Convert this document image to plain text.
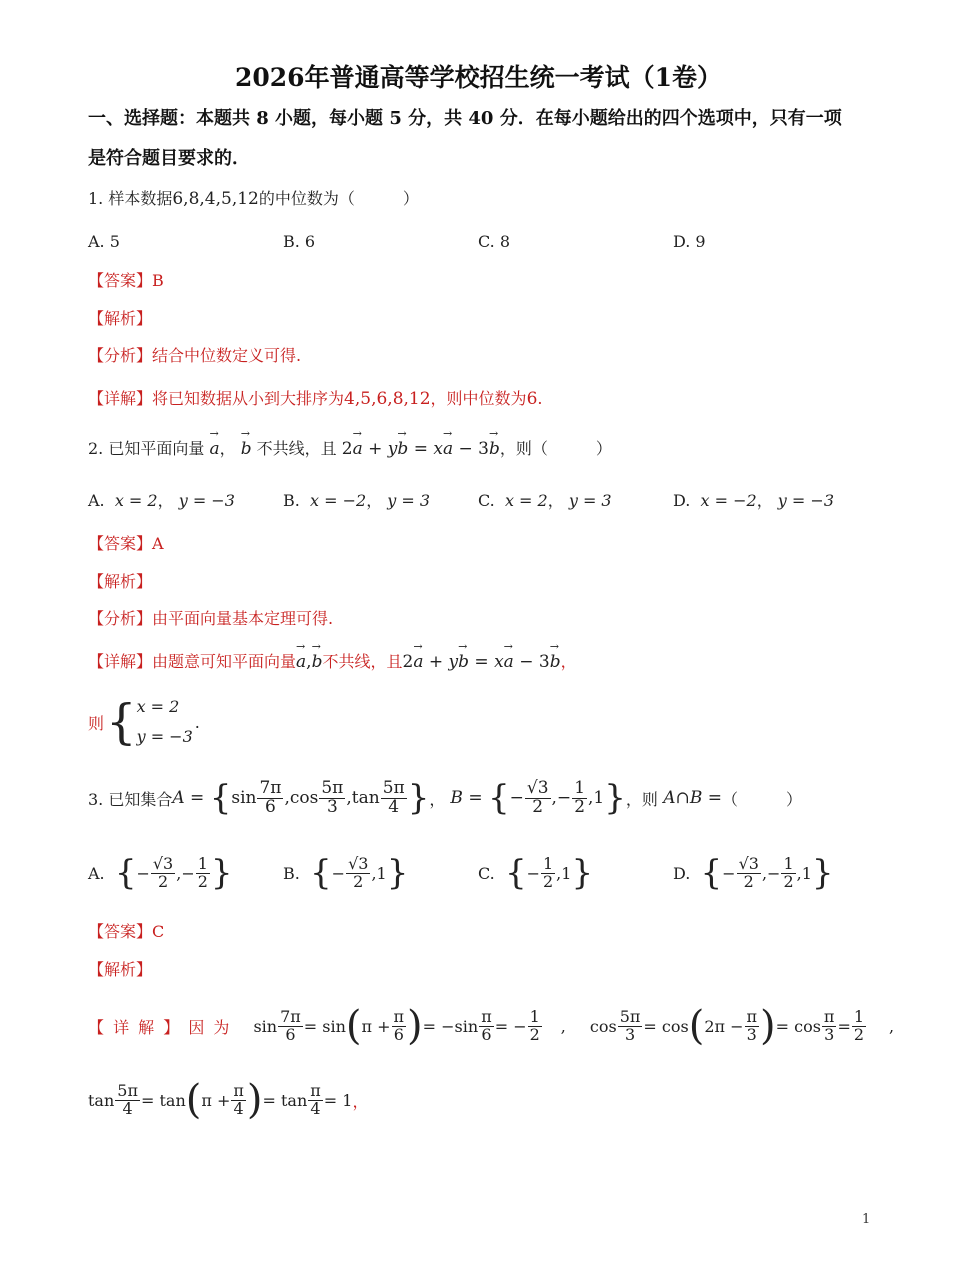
2026年普通高等学校招生统一考试（1卷）
一、选择题：本题共 8 小题，每小题 5 分，共 40 分．在每小题给出的四个选项中，只有一项
是符合题目要求的．
1. 样本数据6,8,4,5,12的中位数为（　　　）
A. 5	B. 6	C. 8	D. 9
【答案】B
【解析】
【分析】结合中位数定义可得.
【详解】将已知数据从小到大排序为4,5,6,8,12，则中位数为6.
2. 已知平面向量 → a， → b 不共线，且 2→ a + y→ b = x→ a − 3→ b，则（　　　）
A. x = 2， y = −3	B. x = −2， y = 3	C. x = 2， y = 3	D. x = −2， y = −3
【答案】A
【解析】
【分析】由平面向量基本定理可得.
【详解】由题意可知平面向量→ a,→ b不共线，且2→ a + y→ b = x→ a − 3→ b，
则 { x = 2
y = −3
.
3. 已知集合 A = { $\sin \frac{7\pi}{6} ,\cos \frac{5\pi}{3} ,\tan \frac{5\pi}{4}$ } ， B = { − $\frac{√3}{2}$ ,− $\frac{1}{2} ,1$ } ，则 A∩B = （　　　）
A. { − $\frac{√3}{2}$ ,− $\frac{1}{2}$ }	B. { − $\frac{√3}{2} ,1$ }	C. { − $\frac{1}{2} ,1$ }	D. { − $\frac{√3}{2}$ ,− $\frac{1}{2} ,1$ }
【答案】C
【解析】
【 详 解 】 因 为 $\sin \frac{7\pi}{6} = \sin$ ( $\pi + \frac{\pi}{6}$ ) = $-\sin \frac{\pi}{6}$ = − $\frac{1}{2}$ , $\cos \frac{5\pi}{3} = \cos$ ( $2\pi - \frac{\pi}{3}$ ) = $\cos \frac{\pi}{3} = \frac{1}{2}$ ,
$\tan \frac{5\pi}{4} = \tan$ ( $\pi + \frac{\pi}{4}$ ) = $\tan \frac{\pi}{4} = 1$ ，
1
